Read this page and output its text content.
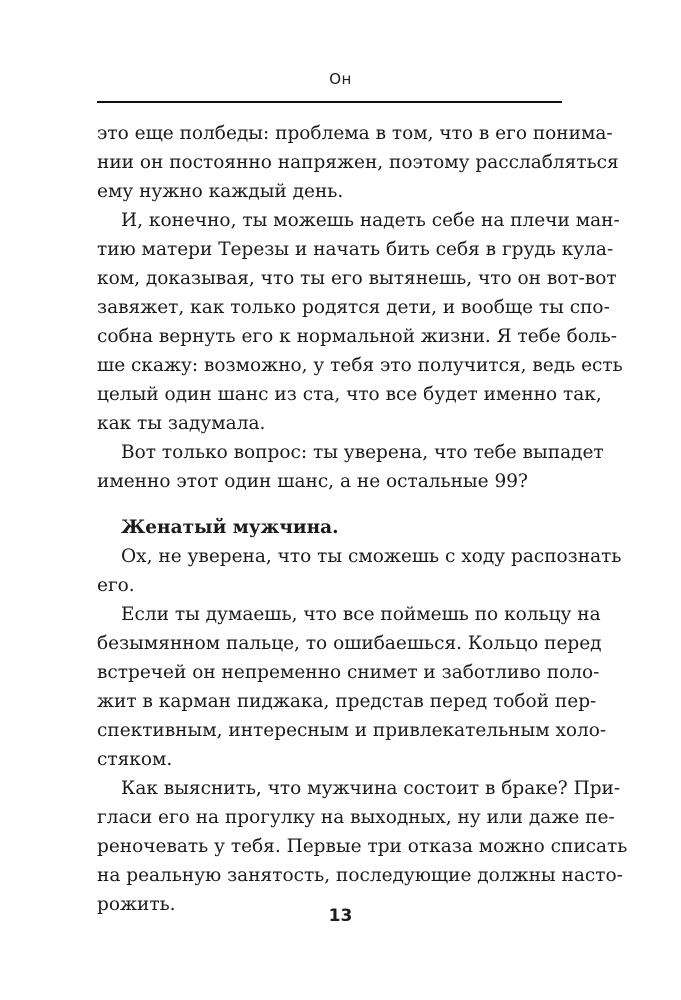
Он
это еще полбеды: проблема в том, что в его понима-
нии он постоянно напряжен, поэтому расслабляться
ему нужно каждый день.
И, конечно, ты можешь надеть себе на плечи ман-
тию матери Терезы и начать бить себя в грудь кула-
ком, доказывая, что ты его вытянешь, что он вот-вот
завяжет, как только родятся дети, и вообще ты спо-
собна вернуть его к нормальной жизни. Я тебе боль-
ше скажу: возможно, у тебя это получится, ведь есть
целый один шанс из ста, что все будет именно так,
как ты задумала.
Вот только вопрос: ты уверена, что тебе выпадет
именно этот один шанс, а не остальные 99?
Женатый мужчина.
Ох, не уверена, что ты сможешь с ходу распознать
его.
Если ты думаешь, что все поймешь по кольцу на
безымянном пальце, то ошибаешься. Кольцо перед
встречей он непременно снимет и заботливо поло-
жит в карман пиджака, представ перед тобой пер-
спективным, интересным и привлекательным холо-
стяком.
Как выяснить, что мужчина состоит в браке? При-
гласи его на прогулку на выходных, ну или даже пе-
реночевать у тебя. Первые три отказа можно списать
на реальную занятость, последующие должны насто-
рожить.
13
